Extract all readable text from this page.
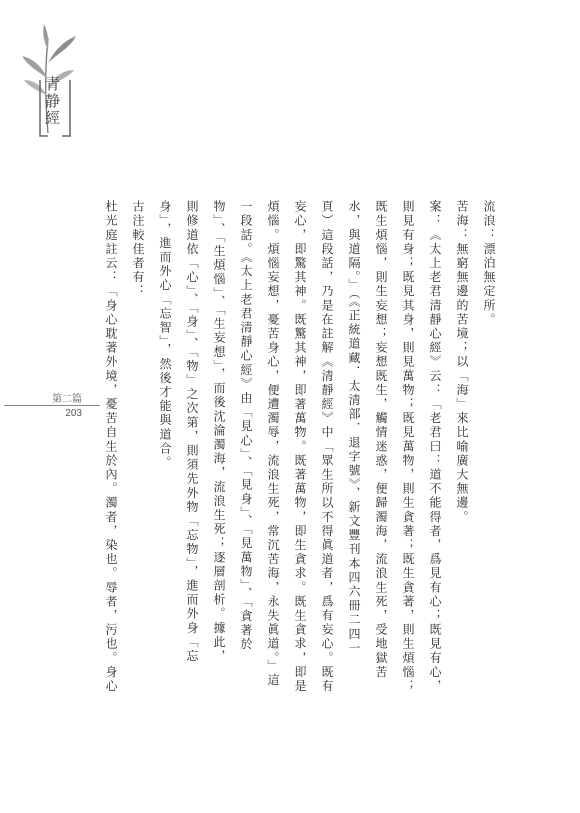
青静經
流浪：漂泊無定所。
苦海：無窮無邊的苦境；以「海」來比喻廣大無邊。
案：《太上老君清靜心經》云：「老君曰：道不能得者，爲見有心；既見有心，
則見有身；既見其身，則見萬物；既見萬物，則生貪著；既生貪著，則生煩惱；
既生煩惱，則生妄想；妄想既生，觸情迷惑，便歸濁海，流浪生死，受地獄苦
水，與道隔。」（《正統道藏．太清部．退字號》，新文豐刊本四六冊二四一
頁）這段話，乃是在註解《清靜經》中「眾生所以不得眞道者，爲有妄心。既有
妄心，即驚其神。既驚其神，即著萬物。既著萬物，即生貪求。既生貪求，即是
煩惱。煩惱妄想，憂苦身心，便遭濁辱，流浪生死，常沉苦海，永失眞道。」這
一段話。《太上老君清靜心經》由「見心」、「見身」、「見萬物」、「貪著於
物」、「生煩惱」、「生妄想」，而後沈淪濁海，流浪生死；逐層剖析。據此，
則修道依「心」、「身」、「物」之次第，則須先外物「忘物」，進而外身「忘
身」，進而外心「忘智」，然後才能與道合。
古注較佳者有：
杜光庭註云：「身心耽著外境，憂苦自生於內。濁者，染也。辱者，污也。身心
第二篇
203
